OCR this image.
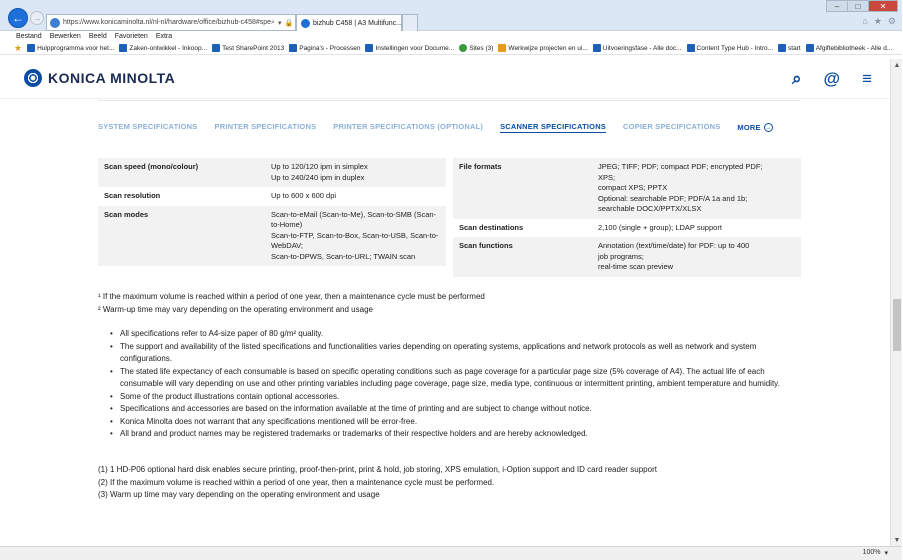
← →	https://www.konicaminolta.nl/nl-nl/hardware/office/bizhub-c458#spe ⌕ ▾ 🔒	bizhub C458 | A3 Multifunc...
–	□	✕
⌂ ★ ⚙
Bestand Bewerken Beeld Favorieten Extra
★ Hulpprogramma voor het... Zaken-ontwikkel - Inkoop... Test SharePoint 2013 Pagina's - Processen Instellingen voor Docume... Sites (3) Werkwijze projecten en ui... Uitvoeringsfase - Alle doc... Content Type Hub - Intro... start Afgiftebibliotheek - Alle d...
KONICA MINOLTA	⌕ @ ≡
SYSTEM SPECIFICATIONS PRINTER SPECIFICATIONS PRINTER SPECIFICATIONS (OPTIONAL) SCANNER SPECIFICATIONS COPIER SPECIFICATIONS MORE →
Scan speed (mono/colour)	Up to 120/120 ipm in simplex
Up to 240/240 ipm in duplex
Scan resolution	Up to 600 x 600 dpi
Scan modes	Scan-to-eMail (Scan-to-Me), Scan-to-SMB (Scan-
to-Home)
Scan-to-FTP, Scan-to-Box, Scan-to-USB, Scan-to-
WebDAV;
Scan-to-DPWS, Scan-to-URL; TWAIN scan
File formats	JPEG; TIFF; PDF; compact PDF; encrypted PDF;
XPS;
compact XPS; PPTX
Optional: searchable PDF; PDF/A 1a and 1b;
searchable DOCX/PPTX/XLSX
Scan destinations	2,100 (single + group); LDAP support
Scan functions	Annotation (text/time/date) for PDF: up to 400
job programs;
real-time scan preview
¹ If the maximum volume is reached within a period of one year, then a maintenance cycle must be performed
² Warm-up time may vary depending on the operating environment and usage
• All specifications refer to A4-size paper of 80 g/m² quality.
• The support and availability of the listed specifications and functionalities varies depending on operating systems, applications and network protocols as well as network and system configurations.
• The stated life expectancy of each consumable is based on specific operating conditions such as page coverage for a particular page size (5% coverage of A4). The actual life of each consumable will vary depending on use and other printing variables including page coverage, page size, media type, continuous or intermittent printing, ambient temperature and humidity.
• Some of the product illustrations contain optional accessories.
• Specifications and accessories are based on the information available at the time of printing and are subject to change without notice.
• Konica Minolta does not warrant that any specifications mentioned will be error-free.
• All brand and product names may be registered trademarks or trademarks of their respective holders and are hereby acknowledged.
(1) 1 HD-P06 optional hard disk enables secure printing, proof-then-print, print & hold, job storing, XPS emulation, i-Option support and ID card reader support
(2) If the maximum volume is reached within a period of one year, then a maintenance cycle must be performed.
(3) Warm up time may vary depending on the operating environment and usage
▲
▼
100% ▾
